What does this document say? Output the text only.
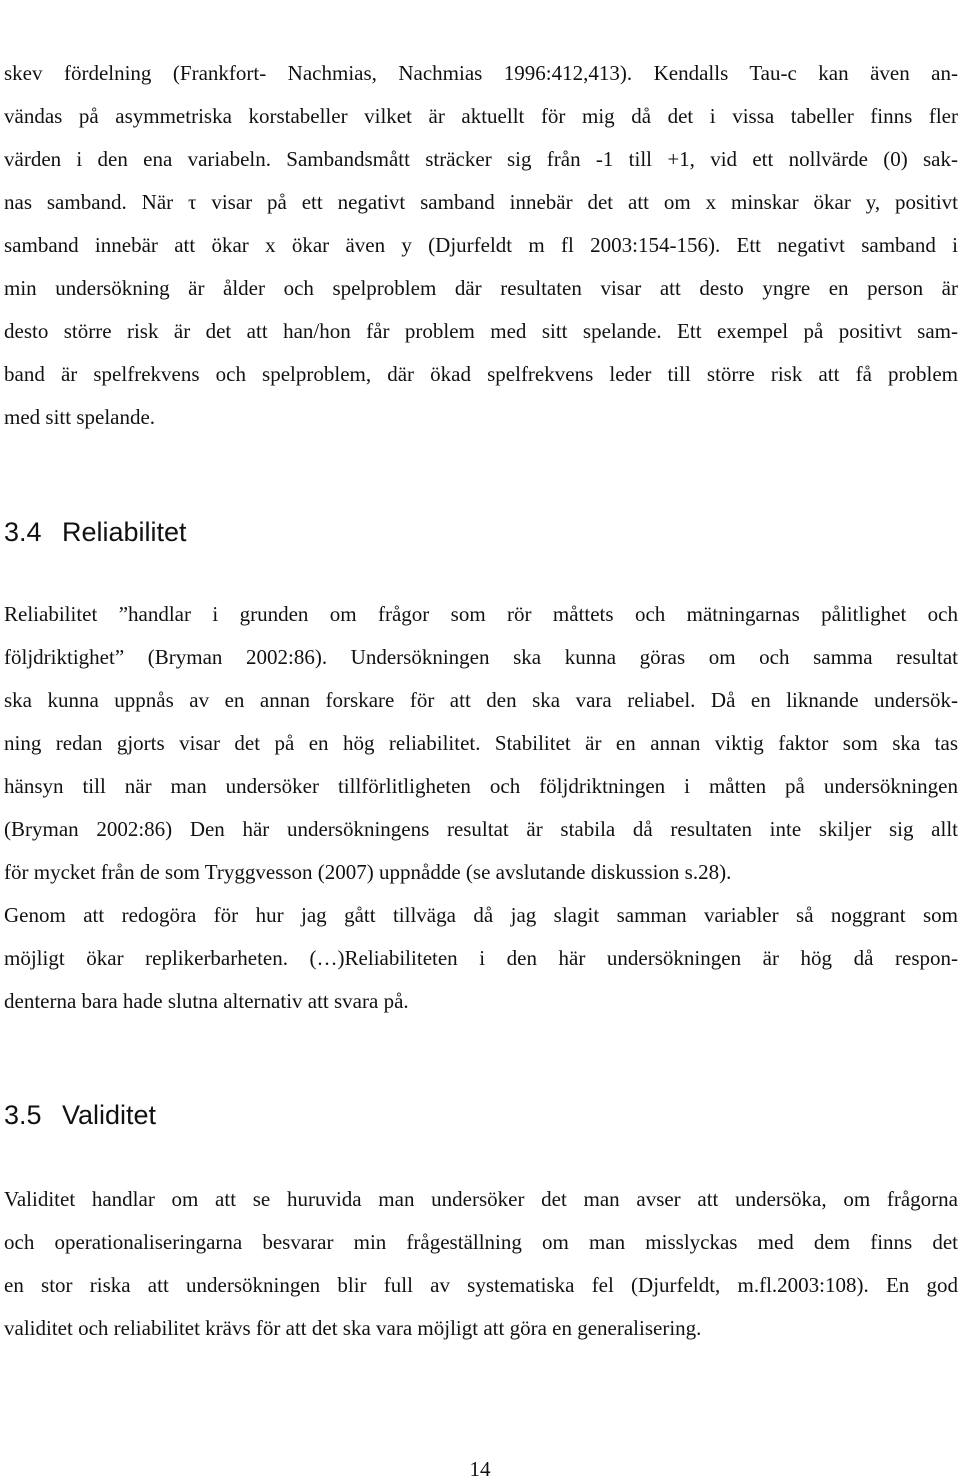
skev fördelning (Frankfort- Nachmias, Nachmias 1996:412,413). Kendalls Tau-c kan även an-
vändas på asymmetriska korstabeller vilket är aktuellt för mig då det i vissa tabeller finns fler
värden i den ena variabeln. Sambandsmått sträcker sig från -1 till +1, vid ett nollvärde (0) sak-
nas samband. När τ visar på ett negativt samband innebär det att om x minskar ökar y, positivt
samband innebär att ökar x ökar även y (Djurfeldt m fl 2003:154-156). Ett negativt samband i
min undersökning är ålder och spelproblem där resultaten visar att desto yngre en person är
desto större risk är det att han/hon får problem med sitt spelande. Ett exempel på positivt sam-
band är spelfrekvens och spelproblem, där ökad spelfrekvens leder till större risk att få problem
med sitt spelande.
3.4 Reliabilitet
Reliabilitet ”handlar i grunden om frågor som rör måttets och mätningarnas pålitlighet och
följdriktighet” (Bryman 2002:86). Undersökningen ska kunna göras om och samma resultat
ska kunna uppnås av en annan forskare för att den ska vara reliabel. Då en liknande undersök-
ning redan gjorts visar det på en hög reliabilitet. Stabilitet är en annan viktig faktor som ska tas
hänsyn till när man undersöker tillförlitligheten och följdriktningen i måtten på undersökningen
(Bryman 2002:86) Den här undersökningens resultat är stabila då resultaten inte skiljer sig allt
för mycket från de som Tryggvesson (2007) uppnådde (se avslutande diskussion s.28).
Genom att redogöra för hur jag gått tillväga då jag slagit samman variabler så noggrant som
möjligt ökar replikerbarheten. (…)Reliabiliteten i den här undersökningen är hög då respon-
denterna bara hade slutna alternativ att svara på.
3.5 Validitet
Validitet handlar om att se huruvida man undersöker det man avser att undersöka, om frågorna
och operationaliseringarna besvarar min frågeställning om man misslyckas med dem finns det
en stor riska att undersökningen blir full av systematiska fel (Djurfeldt, m.fl.2003:108). En god
validitet och reliabilitet krävs för att det ska vara möjligt att göra en generalisering.
14
